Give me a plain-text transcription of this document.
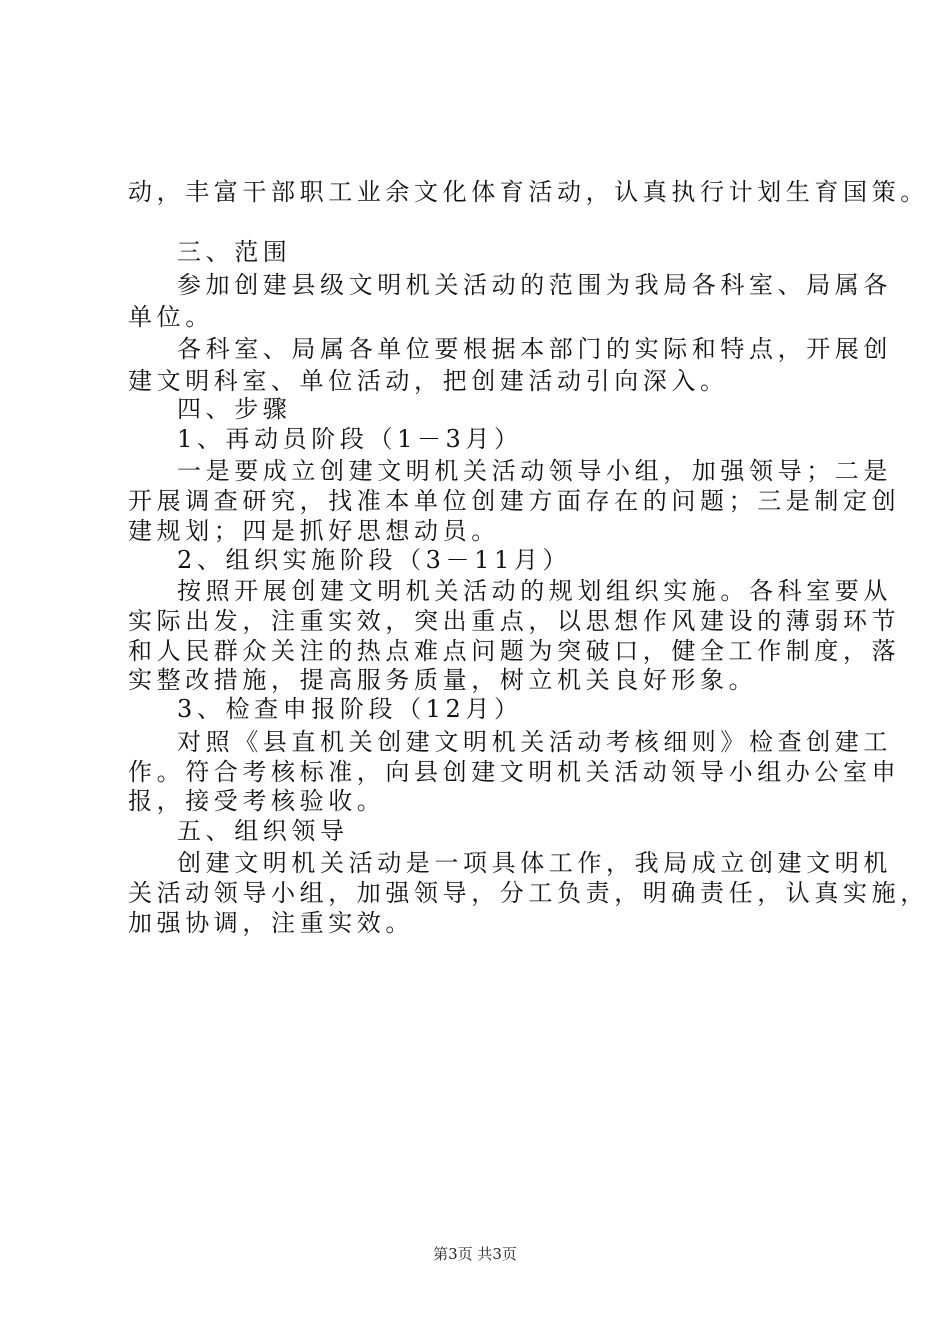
动，丰富干部职工业余文化体育活动，认真执行计划生育国策。
三、范围
参加创建县级文明机关活动的范围为我局各科室、局属各
单位。
各科室、局属各单位要根据本部门的实际和特点，开展创
建文明科室、单位活动，把创建活动引向深入。
四、步骤
1、再动员阶段（1－3月）
一是要成立创建文明机关活动领导小组，加强领导；二是
开展调查研究，找准本单位创建方面存在的问题；三是制定创
建规划；四是抓好思想动员。
2、组织实施阶段（3－11月）
按照开展创建文明机关活动的规划组织实施。各科室要从
实际出发，注重实效，突出重点，以思想作风建设的薄弱环节
和人民群众关注的热点难点问题为突破口，健全工作制度，落
实整改措施，提高服务质量，树立机关良好形象。
3、检查申报阶段（12月）
对照《县直机关创建文明机关活动考核细则》检查创建工
作。符合考核标准，向县创建文明机关活动领导小组办公室申
报，接受考核验收。
五、组织领导
创建文明机关活动是一项具体工作，我局成立创建文明机
关活动领导小组，加强领导，分工负责，明确责任，认真实施，
加强协调，注重实效。
第3页 共3页
